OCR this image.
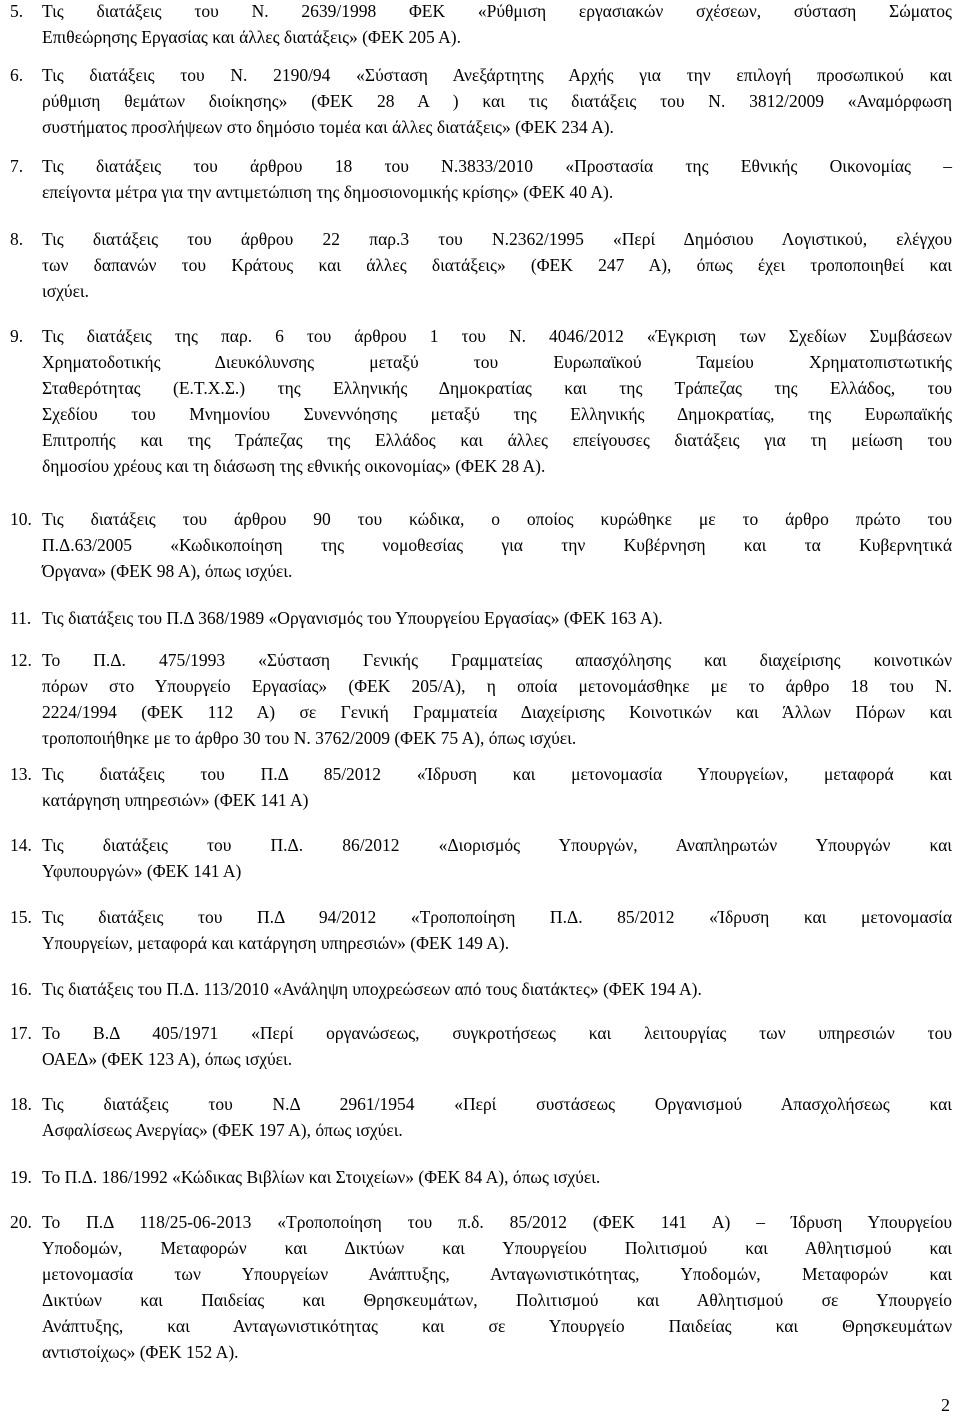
5.	Τις διατάξεις του Ν. 2639/1998 ΦΕΚ «Ρύθμιση εργασιακών σχέσεων, σύσταση Σώματος
Επιθεώρησης Εργασίας και άλλες διατάξεις» (ΦΕΚ 205 Α).
6.	Τις διατάξεις του Ν. 2190/94 «Σύσταση Ανεξάρτητης Αρχής για την επιλογή προσωπικού και
ρύθμιση θεμάτων διοίκησης» (ΦΕΚ 28 Α ) και τις διατάξεις του Ν. 3812/2009 «Αναμόρφωση
συστήματος προσλήψεων στο δημόσιο τομέα και άλλες διατάξεις» (ΦΕΚ 234 Α).
7.	Τις διατάξεις του άρθρου 18 του Ν.3833/2010 «Προστασία της Εθνικής Οικονομίας –
επείγοντα μέτρα για την αντιμετώπιση της δημοσιονομικής κρίσης» (ΦΕΚ 40 Α).
8.	Τις διατάξεις του άρθρου 22 παρ.3 του Ν.2362/1995 «Περί Δημόσιου Λογιστικού, ελέγχου
των δαπανών του Κράτους και άλλες διατάξεις» (ΦΕΚ 247 Α), όπως έχει τροποποιηθεί και
ισχύει.
9.	Τις διατάξεις της παρ. 6 του άρθρου 1 του Ν. 4046/2012 «Έγκριση των Σχεδίων Συμβάσεων
Χρηματοδοτικής Διευκόλυνσης μεταξύ του Ευρωπαϊκού Ταμείου Χρηματοπιστωτικής
Σταθερότητας (Ε.Τ.Χ.Σ.) της Ελληνικής Δημοκρατίας και της Τράπεζας της Ελλάδος, του
Σχεδίου του Μνημονίου Συνεννόησης μεταξύ της Ελληνικής Δημοκρατίας, της Ευρωπαϊκής
Επιτροπής και της Τράπεζας της Ελλάδος και άλλες επείγουσες διατάξεις για τη μείωση του
δημοσίου χρέους και τη διάσωση της εθνικής οικονομίας» (ΦΕΚ 28 Α).
10. Τις διατάξεις του άρθρου 90 του κώδικα, ο οποίος κυρώθηκε με το άρθρο πρώτο του
Π.Δ.63/2005 «Κωδικοποίηση της νομοθεσίας για την Κυβέρνηση και τα Κυβερνητικά
Όργανα» (ΦΕΚ 98 Α), όπως ισχύει.
11. Τις διατάξεις του Π.Δ 368/1989 «Οργανισμός του Υπουργείου Εργασίας» (ΦΕΚ 163 Α).
12. Το Π.Δ. 475/1993 «Σύσταση Γενικής Γραμματείας απασχόλησης και διαχείρισης κοινοτικών
πόρων στο Υπουργείο Εργασίας» (ΦΕΚ 205/Α), η οποία μετονομάσθηκε με το άρθρο 18 του Ν.
2224/1994 (ΦΕΚ 112 Α) σε Γενική Γραμματεία Διαχείρισης Κοινοτικών και Άλλων Πόρων και
τροποποιήθηκε με το άρθρο 30 του Ν. 3762/2009 (ΦΕΚ 75 Α), όπως ισχύει.
13. Τις διατάξεις του Π.Δ 85/2012 «Ίδρυση και μετονομασία Υπουργείων, μεταφορά και
κατάργηση υπηρεσιών» (ΦΕΚ 141 Α)
14. Τις διατάξεις του Π.Δ. 86/2012 «Διορισμός Υπουργών, Αναπληρωτών Υπουργών και
Υφυπουργών» (ΦΕΚ 141 Α)
15. Τις διατάξεις του Π.Δ 94/2012 «Τροποποίηση Π.Δ. 85/2012 «Ίδρυση και μετονομασία
Υπουργείων, μεταφορά και κατάργηση υπηρεσιών» (ΦΕΚ 149 Α).
16. Τις διατάξεις του Π.Δ. 113/2010 «Ανάληψη υποχρεώσεων από τους διατάκτες» (ΦΕΚ 194 Α).
17. Το Β.Δ 405/1971 «Περί οργανώσεως, συγκροτήσεως και λειτουργίας των υπηρεσιών του
ΟΑΕΔ» (ΦΕΚ 123 Α), όπως ισχύει.
18. Τις διατάξεις του Ν.Δ 2961/1954 «Περί συστάσεως Οργανισμού Απασχολήσεως και
Ασφαλίσεως Ανεργίας» (ΦΕΚ 197 Α), όπως ισχύει.
19. Το Π.Δ. 186/1992 «Κώδικας Βιβλίων και Στοιχείων» (ΦΕΚ 84 Α), όπως ισχύει.
20. Το Π.Δ 118/25-06-2013 «Τροποποίηση του π.δ. 85/2012 (ΦΕΚ 141 Α) – Ίδρυση Υπουργείου
Υποδομών, Μεταφορών και Δικτύων και Υπουργείου Πολιτισμού και Αθλητισμού και
μετονομασία των Υπουργείων Ανάπτυξης, Ανταγωνιστικότητας, Υποδομών, Μεταφορών και
Δικτύων και Παιδείας και Θρησκευμάτων, Πολιτισμού και Αθλητισμού σε Υπουργείο
Ανάπτυξης, και Ανταγωνιστικότητας και σε Υπουργείο Παιδείας και Θρησκευμάτων
αντιστοίχως» (ΦΕΚ 152 Α).
2
